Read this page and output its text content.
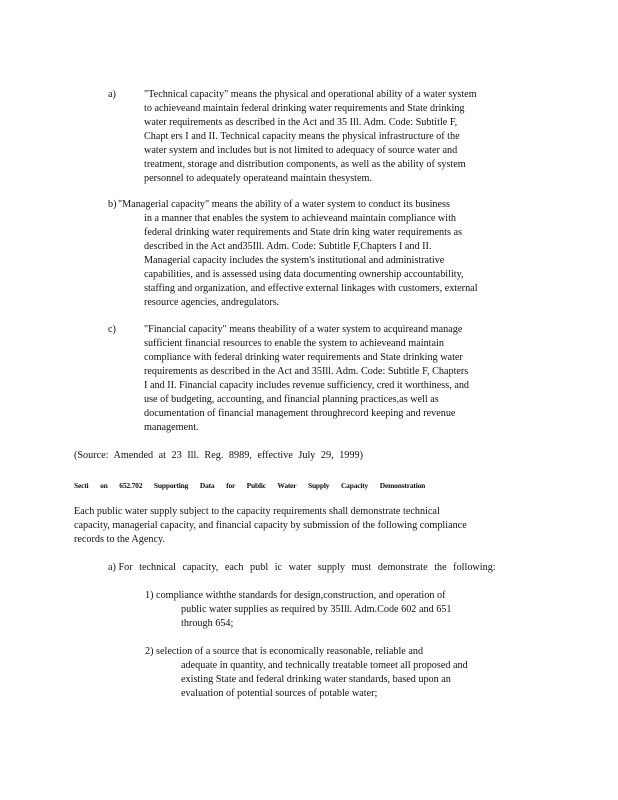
a)	"Technical capacity" means the physical and operational ability of a water system
to achieveand maintain federal drinking water requirements and State drinking
water requirements as described in the Act and 35 Ill. Adm. Code: Subtitle F,
Chapt ers I and II. Technical capacity means the physical infrastructure of the
water system and includes but is not limited to adequacy of source water and
treatment, storage and distribution components, as well as the ability of system
personnel to adequately operateand maintain thesystem.
b) "Managerial capacity" means the ability of a water system to conduct its business
in a manner that enables the system to achieveand maintain compliance with
federal drinking water requirements and State drin king water requirements as
described in the Act and35Ill. Adm. Code: Subtitle F,Chapters I and II.
Managerial capacity includes the system's institutional and administrative
capabilities, and is assessed using data documenting ownership accountability,
staffing and organization, and effective external linkages with customers, external
resource agencies, andregulators.
c)	"Financial capacity" means theability of a water system to acquireand manage
sufficient financial resources to enable the system to achieveand maintain
compliance with federal drinking water requirements and State drinking water
requirements as described in the Act and 35Ill. Adm. Code: Subtitle F, Chapters
I and II. Financial capacity includes revenue sufficiency, cred it worthiness, and
use of budgeting, accounting, and financial planning practices,as well as
documentation of financial management throughrecord keeping and revenue
management.
(Source: Amended at 23 Ill. Reg. 8989, effective July 29, 1999)
Secti on 652.702 Supporting Data for Public Water Supply Capacity Demonstration
Each public water supply subject to the capacity requirements shall demonstrate technical
capacity, managerial capacity, and financial capacity by submission of the following compliance
records to the Agency.
a) For technical capacity, each publ ic water supply must demonstrate the following:
1) compliance withthe standards for design,construction, and operation of
public water supplies as required by 35Ill. Adm.Code 602 and 651
through 654;
2) selection of a source that is economically reasonable, reliable and
adequate in quantity, and technically treatable tomeet all proposed and
existing State and federal drinking water standards, based upon an
evaluation of potential sources of potable water;
